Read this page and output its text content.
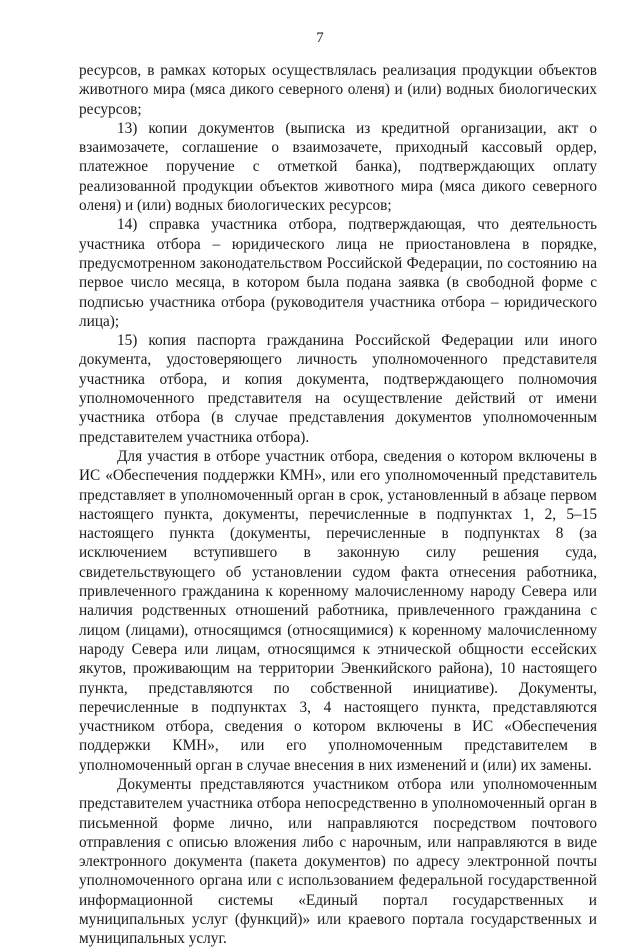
7

ресурсов, в рамках которых осуществлялась реализация продукции объектов животного мира (мяса дикого северного оленя) и (или) водных биологических ресурсов;

13) копии документов (выписка из кредитной организации, акт о взаимозачете, соглашение о взаимозачете, приходный кассовый ордер, платежное поручение с отметкой банка), подтверждающих оплату реализованной продукции объектов животного мира (мяса дикого северного оленя) и (или) водных биологических ресурсов;

14) справка участника отбора, подтверждающая, что деятельность участника отбора – юридического лица не приостановлена в порядке, предусмотренном законодательством Российской Федерации, по состоянию на первое число месяца, в котором была подана заявка (в свободной форме с подписью участника отбора (руководителя участника отбора – юридического лица);

15) копия паспорта гражданина Российской Федерации или иного документа, удостоверяющего личность уполномоченного представителя участника отбора, и копия документа, подтверждающего полномочия уполномоченного представителя на осуществление действий от имени участника отбора (в случае представления документов уполномоченным представителем участника отбора).

Для участия в отборе участник отбора, сведения о котором включены в ИС «Обеспечения поддержки КМН», или его уполномоченный представитель представляет в уполномоченный орган в срок, установленный в абзаце первом настоящего пункта, документы, перечисленные в подпунктах 1, 2, 5–15 настоящего пункта (документы, перечисленные в подпунктах 8 (за исключением вступившего в законную силу решения суда, свидетельствующего об установлении судом факта отнесения работника, привлеченного гражданина к коренному малочисленному народу Севера или наличия родственных отношений работника, привлеченного гражданина с лицом (лицами), относящимся (относящимися) к коренному малочисленному народу Севера или лицам, относящимся к этнической общности ессейских якутов, проживающим на территории Эвенкийского района), 10 настоящего пункта, представляются по собственной инициативе). Документы, перечисленные в подпунктах 3, 4 настоящего пункта, представляются участником отбора, сведения о котором включены в ИС «Обеспечения поддержки КМН», или его уполномоченным представителем в уполномоченный орган в случае внесения в них изменений и (или) их замены.

Документы представляются участником отбора или уполномоченным представителем участника отбора непосредственно в уполномоченный орган в письменной форме лично, или направляются посредством почтового отправления с описью вложения либо с нарочным, или направляются в виде электронного документа (пакета документов) по адресу электронной почты уполномоченного органа или с использованием федеральной государственной информационной системы «Единый портал государственных и муниципальных услуг (функций)» или краевого портала государственных и муниципальных услуг.
